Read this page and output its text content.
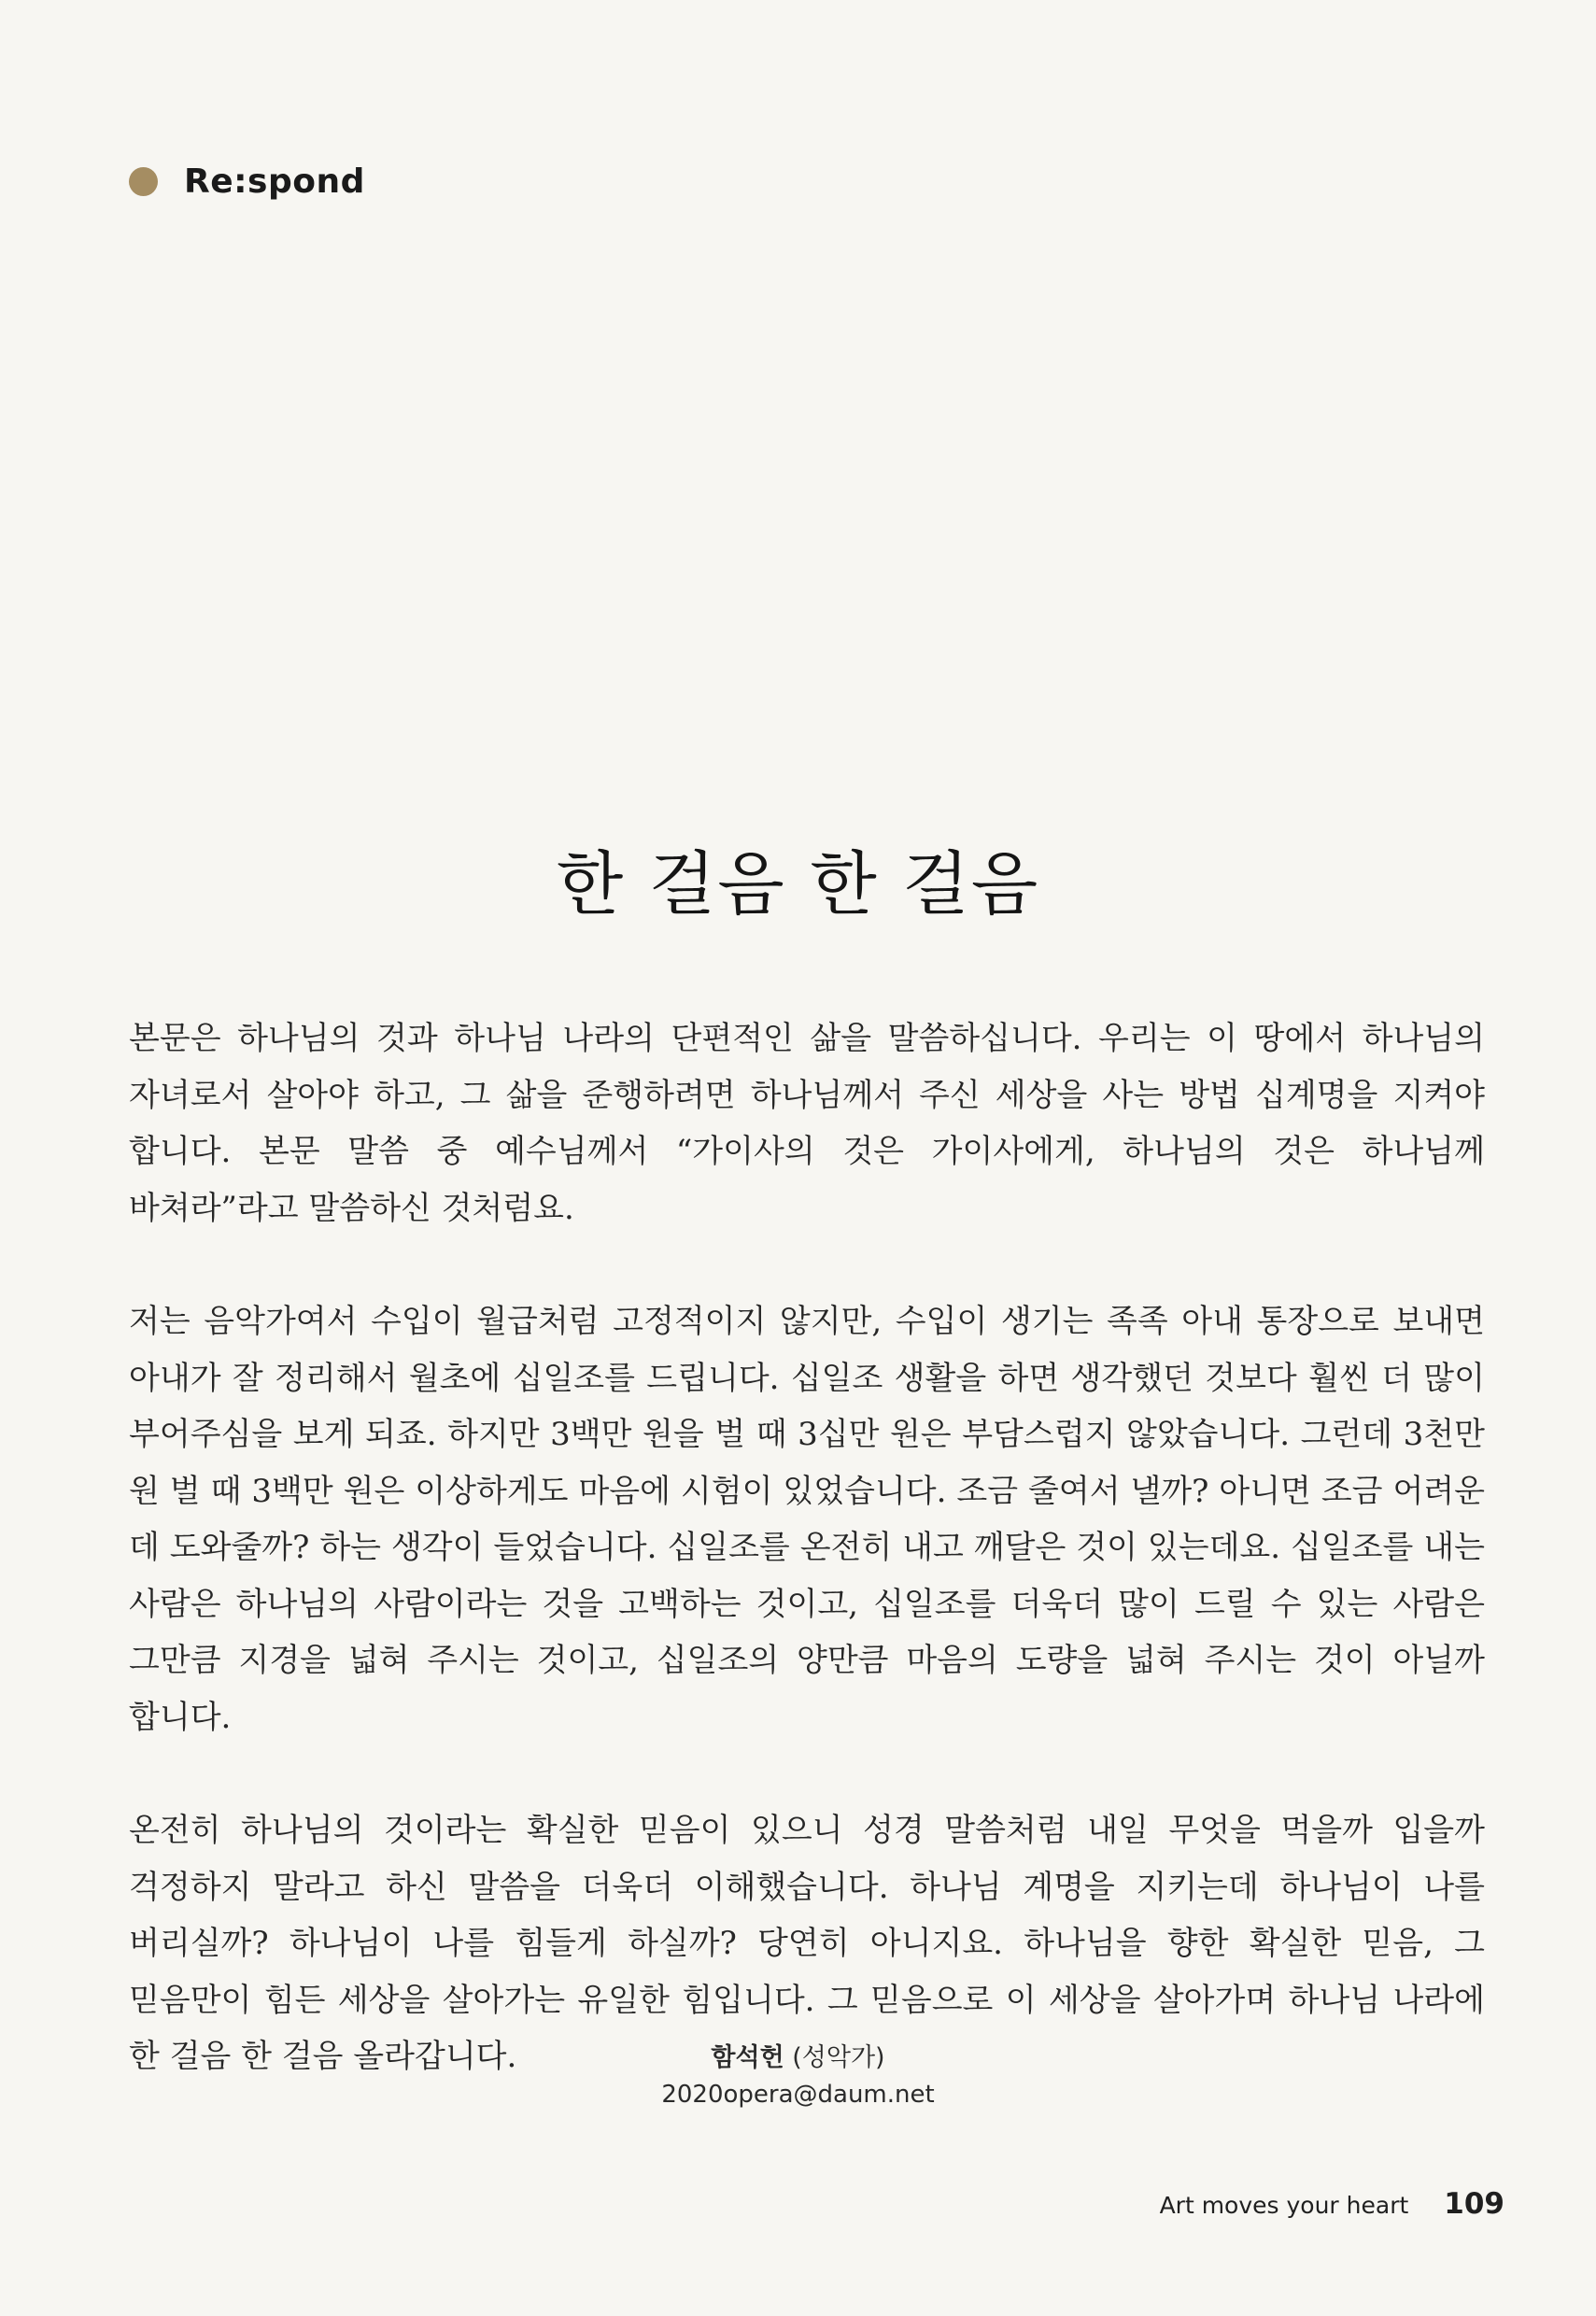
Re:spond
한 걸음 한 걸음

본문은 하나님의 것과 하나님 나라의 단편적인 삶을 말씀하십니다. 우리는 이 땅에서 하나님의 자녀로서 살아야 하고, 그 삶을 준행하려면 하나님께서 주신 세상을 사는 방법 십계명을 지켜야 합니다. 본문 말씀 중 예수님께서 “가이사의 것은 가이사에게, 하나님의 것은 하나님께 바쳐라”라고 말씀하신 것처럼요.

저는 음악가여서 수입이 월급처럼 고정적이지 않지만, 수입이 생기는 족족 아내 통장으로 보내면 아내가 잘 정리해서 월초에 십일조를 드립니다. 십일조 생활을 하면 생각했던 것보다 훨씬 더 많이 부어주심을 보게 되죠. 하지만 3백만 원을 벌 때 3십만 원은 부담스럽지 않았습니다. 그런데 3천만 원 벌 때 3백만 원은 이상하게도 마음에 시험이 있었습니다. 조금 줄여서 낼까? 아니면 조금 어려운 데 도와줄까? 하는 생각이 들었습니다. 십일조를 온전히 내고 깨달은 것이 있는데요. 십일조를 내는 사람은 하나님의 사람이라는 것을 고백하는 것이고, 십일조를 더욱더 많이 드릴 수 있는 사람은 그만큼 지경을 넓혀 주시는 것이고, 십일조의 양만큼 마음의 도량을 넓혀 주시는 것이 아닐까 합니다.

온전히 하나님의 것이라는 확실한 믿음이 있으니 성경 말씀처럼 내일 무엇을 먹을까 입을까 걱정하지 말라고 하신 말씀을 더욱더 이해했습니다. 하나님 계명을 지키는데 하나님이 나를 버리실까? 하나님이 나를 힘들게 하실까? 당연히 아니지요. 하나님을 향한 확실한 믿음, 그 믿음만이 힘든 세상을 살아가는 유일한 힘입니다. 그 믿음으로 이 세상을 살아가며 하나님 나라에 한 걸음 한 걸음 올라갑니다.	함석헌 (성악가)
2020opera@daum.net
Art moves your heart 109
